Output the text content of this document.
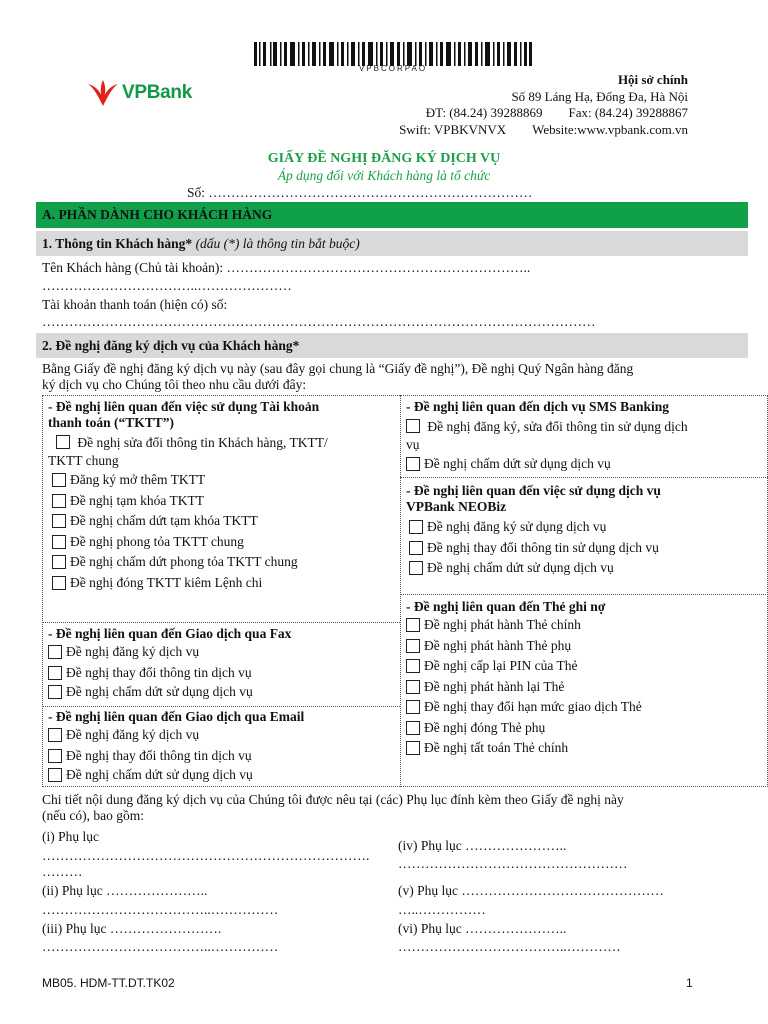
VPBCORPAO
VPBank
Hội sở chính
Số 89 Láng Hạ, Đống Đa, Hà Nội
ĐT: (84.24) 39288869 Fax: (84.24) 39288867
Swift: VPBKVNVX Website:www.vpbank.com.vn
GIẤY ĐỀ NGHỊ ĐĂNG KÝ DỊCH VỤ
Áp dụng đối với Khách hàng là tổ chức
Số: ………………………………………………………………
A. PHẦN DÀNH CHO KHÁCH HÀNG
1. Thông tin Khách hàng* (dấu (*) là thông tin bắt buộc)
Tên Khách hàng (Chủ tài khoản): …………………………………………………………..
……………………………..…………………
Tài khoản thanh toán (hiện có) số:
……………………………………………………………………………………………………………
2. Đề nghị đăng ký dịch vụ của Khách hàng*
Bằng Giấy đề nghị đăng ký dịch vụ này (sau đây gọi chung là “Giấy đề nghị”), Đề nghị Quý Ngân hàng đăng
ký dịch vụ cho Chúng tôi theo nhu cầu dưới đây:
- Đề nghị liên quan đến việc sử dụng Tài khoản
thanh toán (“TKTT”)
Đề nghị sửa đổi thông tin Khách hàng, TKTT/
TKTT chung
Đăng ký mở thêm TKTT
Đề nghị tạm khóa TKTT
Đề nghị chấm dứt tạm khóa TKTT
Đề nghị phong tỏa TKTT chung
Đề nghị chấm dứt phong tỏa TKTT chung
Đề nghị đóng TKTT kiêm Lệnh chi
- Đề nghị liên quan đến Giao dịch qua Fax
Đề nghị đăng ký dịch vụ
Đề nghị thay đổi thông tin dịch vụ
Đề nghị chấm dứt sử dụng dịch vụ
- Đề nghị liên quan đến Giao dịch qua Email
Đề nghị đăng ký dịch vụ
Đề nghị thay đổi thông tin dịch vụ
Đề nghị chấm dứt sử dụng dịch vụ
- Đề nghị liên quan đến dịch vụ SMS Banking
Đề nghị đăng ký, sửa đổi thông tin sử dụng dịch
vụ
Đề nghị chấm dứt sử dụng dịch vụ
- Đề nghị liên quan đến việc sử dụng dịch vụ
VPBank NEOBiz
Đề nghị đăng ký sử dụng dịch vụ
Đề nghị thay đổi thông tin sử dụng dịch vụ
Đề nghị chấm dứt sử dụng dịch vụ
- Đề nghị liên quan đến Thẻ ghi nợ
Đề nghị phát hành Thẻ chính
Đề nghị phát hành Thẻ phụ
Đề nghị cấp lại PIN của Thẻ
Đề nghị phát hành lại Thẻ
Đề nghị thay đổi hạn mức giao dịch Thẻ
Đề nghị đóng Thẻ phụ
Đề nghị tất toán Thẻ chính
Chi tiết nội dung đăng ký dịch vụ của Chúng tôi được nêu tại (các) Phụ lục đính kèm theo Giấy đề nghị này
(nếu có), bao gồm:
(i) Phụ lục
……………………………………………………………….
………
(iv) Phụ lục …………………..
……………………………………………
(ii) Phụ lục …………………..
………………………………..……………
(v) Phụ lục ………………………………………
…..……………
(iii) Phụ lục …………………….
………………………………..……………
(vi) Phụ lục …………………..
………………………………..…………
MB05. HDM-TT.DT.TK02	1
